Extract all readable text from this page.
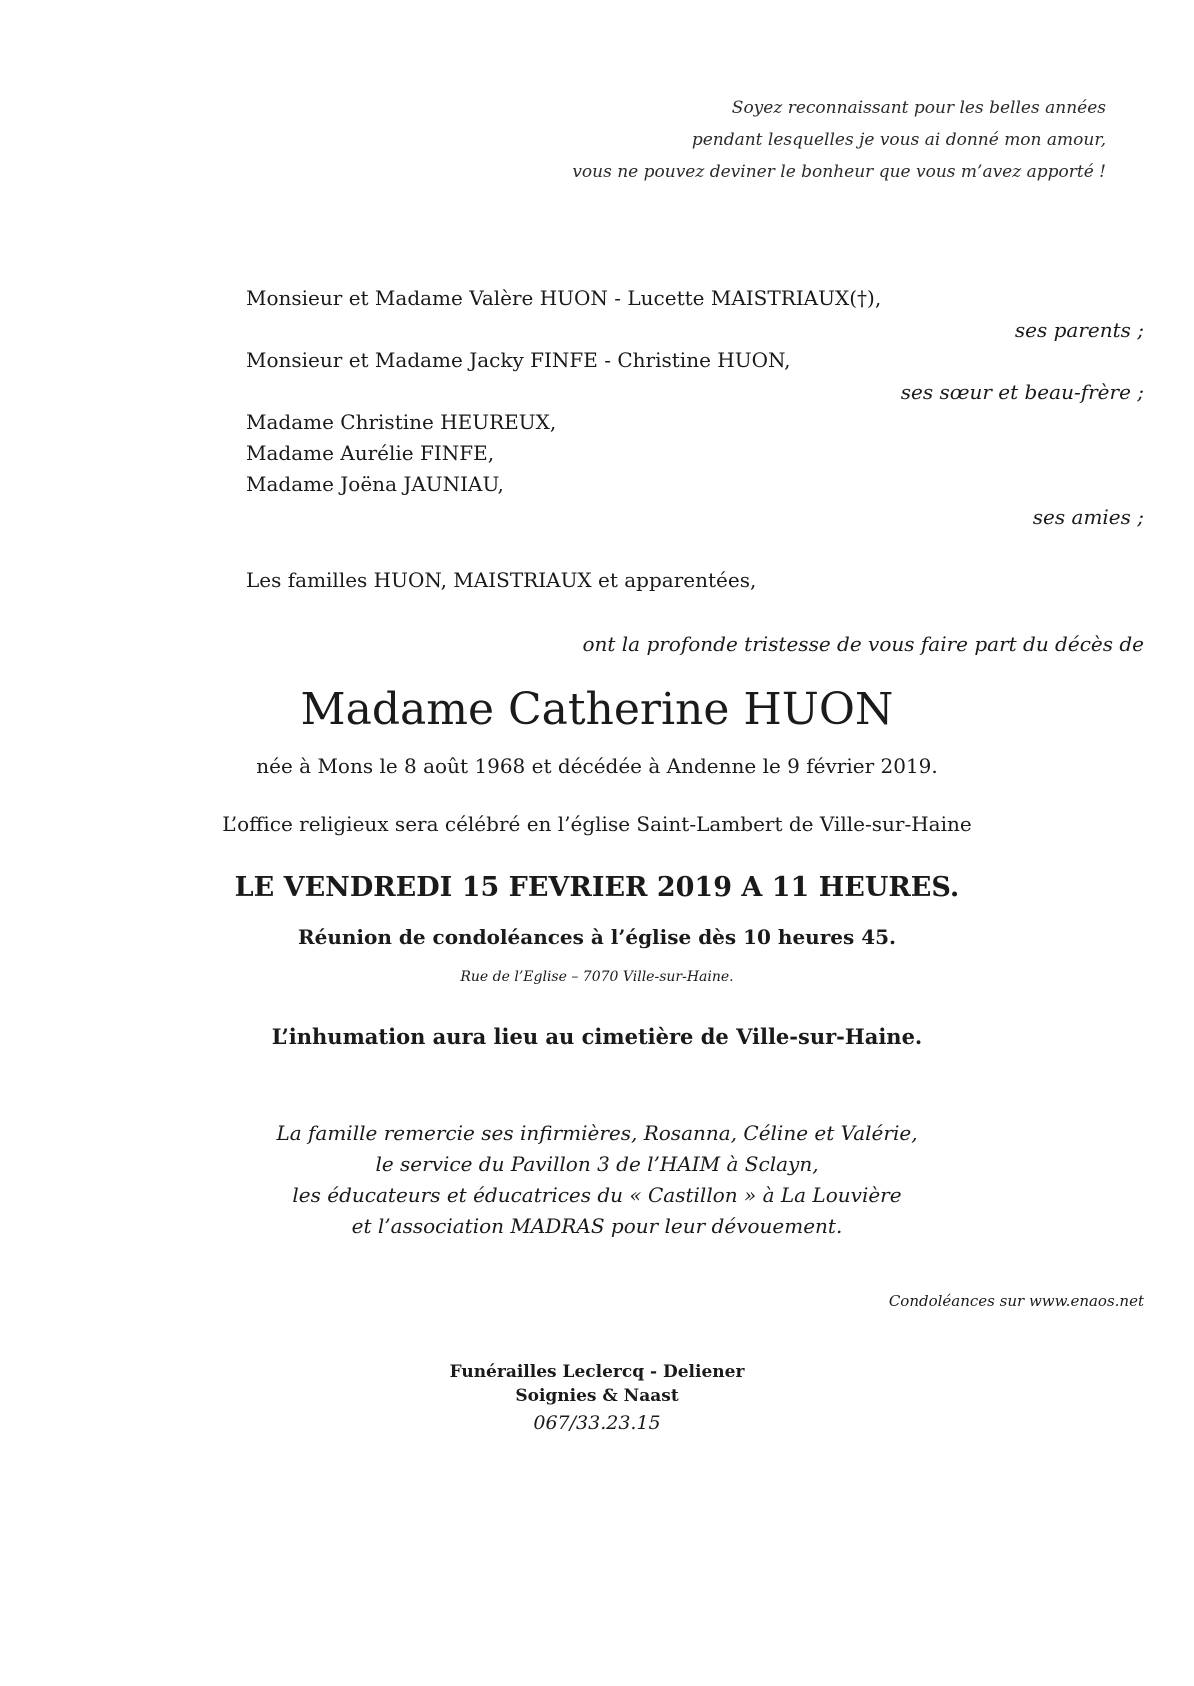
Soyez reconnaissant pour les belles années

pendant lesquelles je vous ai donné mon amour,

vous ne pouvez deviner le bonheur que vous m’avez apporté !

Monsieur et Madame Valère HUON - Lucette MAISTRIAUX(†),

ses parents ;

Monsieur et Madame Jacky FINFE - Christine HUON,

ses sœur et beau-frère ;

Madame Christine HEUREUX,

Madame Aurélie FINFE,

Madame Joëna JAUNIAU,

ses amies ;

Les familles HUON, MAISTRIAUX et apparentées,

ont la profonde tristesse de vous faire part du décès de

Madame Catherine HUON

née à Mons le 8 août 1968 et décédée à Andenne le 9 février 2019.

L’office religieux sera célébré en l’église Saint-Lambert de Ville-sur-Haine

LE VENDREDI 15 FEVRIER 2019 A 11 HEURES.

Réunion de condoléances à l’église dès 10 heures 45.

Rue de l’Eglise – 7070 Ville-sur-Haine.

L’inhumation aura lieu au cimetière de Ville-sur-Haine.

La famille remercie ses infirmières, Rosanna, Céline et Valérie,

le service du Pavillon 3 de l’HAIM à Sclayn,

les éducateurs et éducatrices du « Castillon » à La Louvière

et l’association MADRAS pour leur dévouement.

Condoléances sur www.enaos.net

Funérailles Leclercq - Deliener

Soignies & Naast

067/33.23.15
